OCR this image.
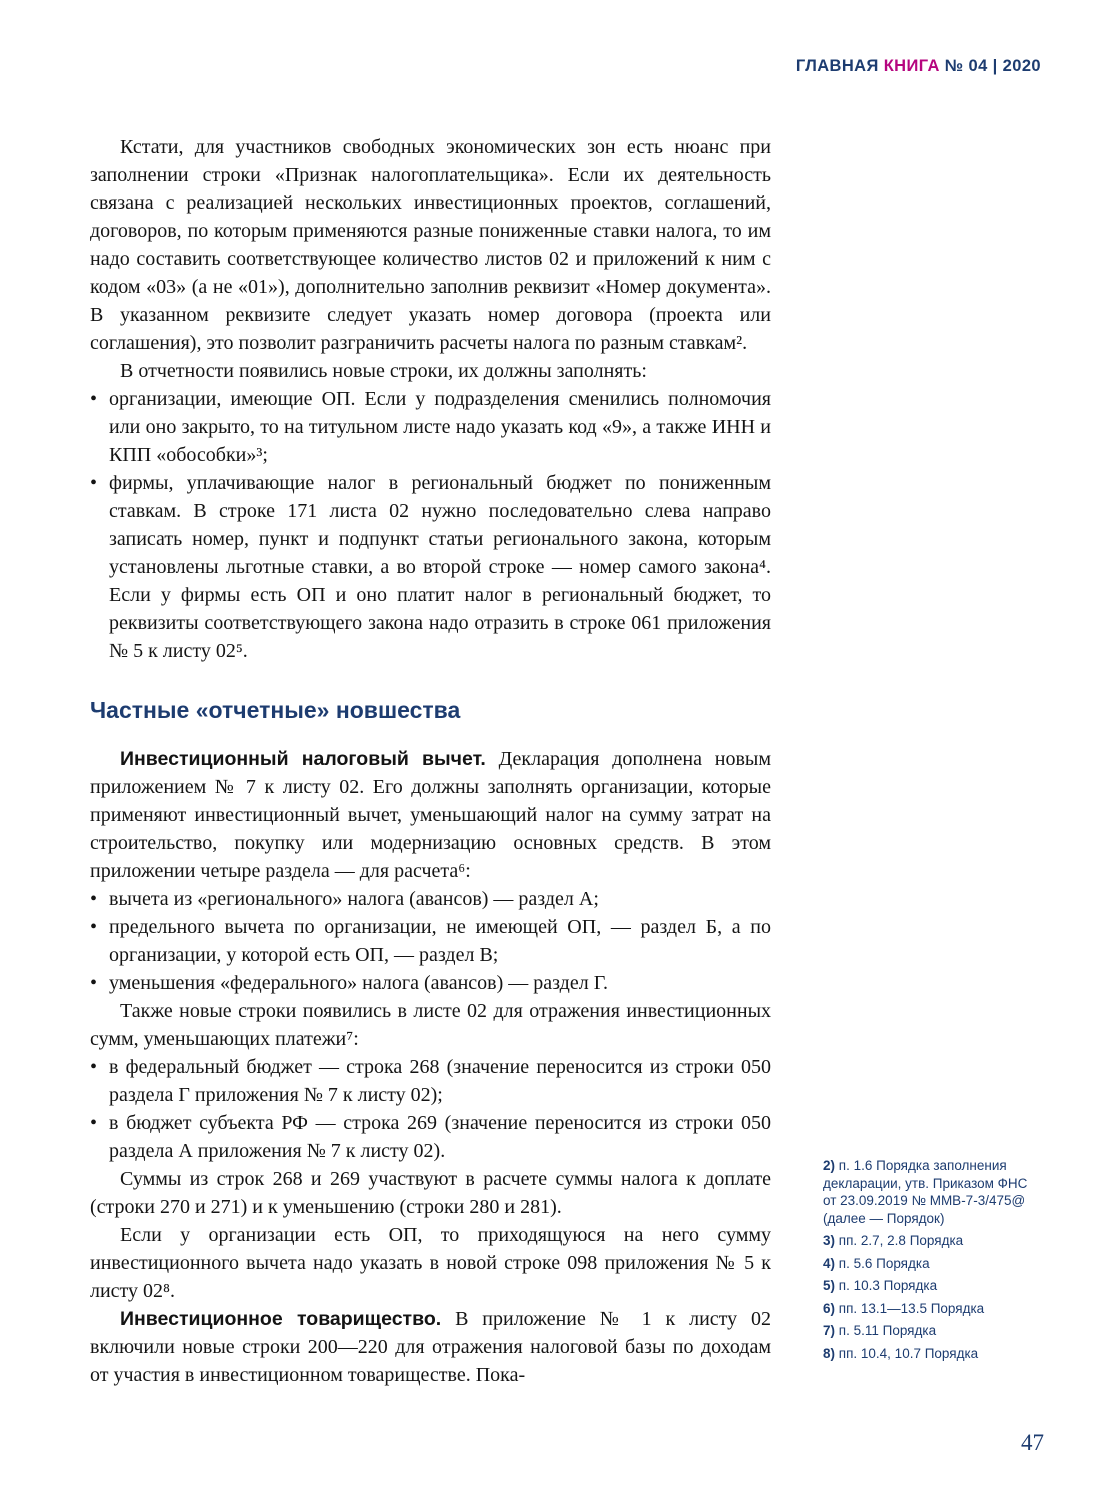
ГЛАВНАЯ КНИГА № 04 | 2020

Кстати, для участников свободных экономических зон есть нюанс при заполнении строки «Признак налогоплательщика». Если их деятельность связана с реализацией нескольких инвестиционных проектов, соглашений, договоров, по которым применяются разные пониженные ставки налога, то им надо составить соответствующее количество листов 02 и приложений к ним с кодом «03» (а не «01»), дополнительно заполнив реквизит «Номер документа». В указанном реквизите следует указать номер договора (проекта или соглашения), это позволит разграничить расчеты налога по разным ставкам².

В отчетности появились новые строки, их должны заполнять:

• организации, имеющие ОП. Если у подразделения сменились полномочия или оно закрыто, то на титульном листе надо указать код «9», а также ИНН и КПП «обособки»³;
• фирмы, уплачивающие налог в региональный бюджет по пониженным ставкам. В строке 171 листа 02 нужно последовательно слева направо записать номер, пункт и подпункт статьи регионального закона, которым установлены льготные ставки, а во второй строке — номер самого закона⁴. Если у фирмы есть ОП и оно платит налог в региональный бюджет, то реквизиты соответствующего закона надо отразить в строке 061 приложения № 5 к листу 02⁵.
Частные «отчетные» новшества

Инвестиционный налоговый вычет. Декларация дополнена новым приложением № 7 к листу 02. Его должны заполнять организации, которые применяют инвестиционный вычет, уменьшающий налог на сумму затрат на строительство, покупку или модернизацию основных средств. В этом приложении четыре раздела — для расчета⁶:

• вычета из «регионального» налога (авансов) — раздел А;
• предельного вычета по организации, не имеющей ОП, — раздел Б, а по организации, у которой есть ОП, — раздел В;
• уменьшения «федерального» налога (авансов) — раздел Г.

Также новые строки появились в листе 02 для отражения инвестиционных сумм, уменьшающих платежи⁷:

• в федеральный бюджет — строка 268 (значение переносится из строки 050 раздела Г приложения № 7 к листу 02);
• в бюджет субъекта РФ — строка 269 (значение переносится из строки 050 раздела А приложения № 7 к листу 02).

Суммы из строк 268 и 269 участвуют в расчете суммы налога к доплате (строки 270 и 271) и к уменьшению (строки 280 и 281).

Если у организации есть ОП, то приходящуюся на него сумму инвестиционного вычета надо указать в новой строке 098 приложения № 5 к листу 02⁸.

Инвестиционное товарищество. В приложение № 1 к листу 02 включили новые строки 200—220 для отражения налоговой базы по доходам от участия в инвестиционном товариществе. Пока-

2) п. 1.6 Порядка заполнения декларации, утв. Приказом ФНС от 23.09.2019 № ММВ-7-3/475@ (далее — Порядок)

3) пп. 2.7, 2.8 Порядка

4) п. 5.6 Порядка

5) п. 10.3 Порядка

6) пп. 13.1—13.5 Порядка

7) п. 5.11 Порядка

8) пп. 10.4, 10.7 Порядка

47
